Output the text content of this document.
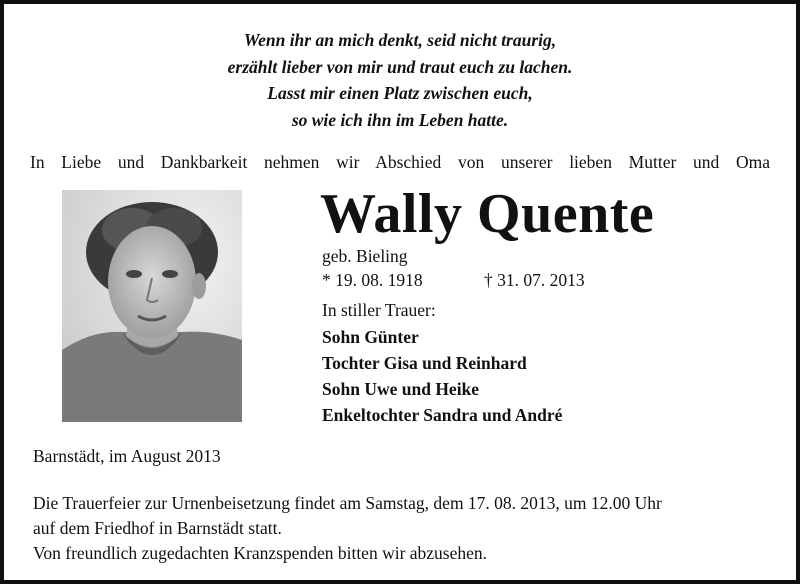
Wenn ihr an mich denkt, seid nicht traurig,
erzählt lieber von mir und traut euch zu lachen.
Lasst mir einen Platz zwischen euch,
so wie ich ihn im Leben hatte.
In Liebe und Dankbarkeit nehmen wir Abschied von unserer lieben Mutter und Oma
Wally Quente
geb. Bieling
* 19. 08. 1918	† 31. 07. 2013
In stiller Trauer:
Sohn Günter
Tochter Gisa und Reinhard
Sohn Uwe und Heike
Enkeltochter Sandra und André
Barnstädt, im August 2013
Die Trauerfeier zur Urnenbeisetzung findet am Samstag, dem 17. 08. 2013, um 12.00 Uhr
auf dem Friedhof in Barnstädt statt.
Von freundlich zugedachten Kranzspenden bitten wir abzusehen.
